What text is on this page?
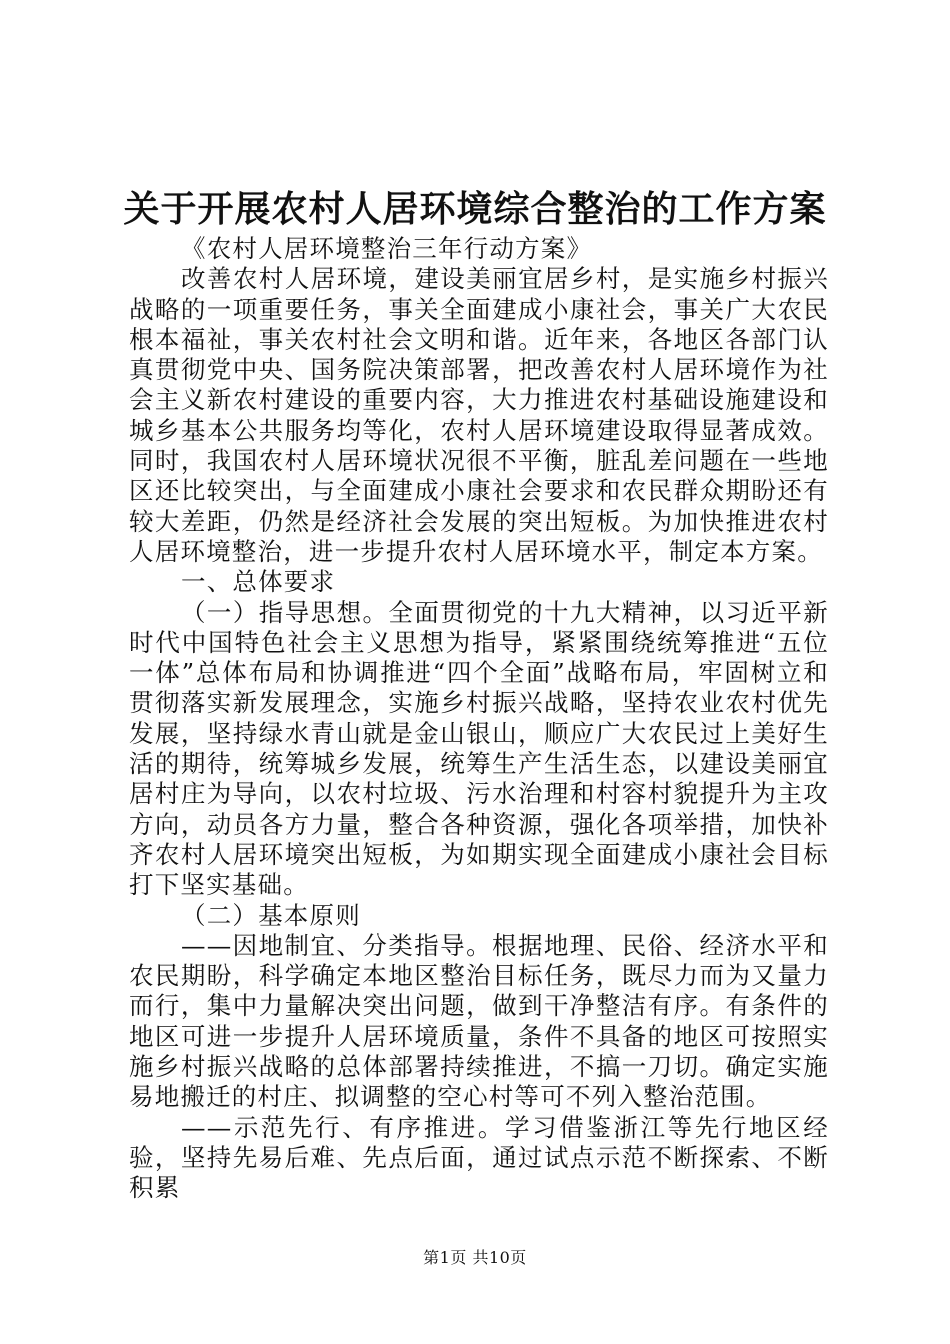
关于开展农村人居环境综合整治的工作方案

《农村人居环境整治三年行动方案》

改善农村人居环境，建设美丽宜居乡村，是实施乡村振兴战略的一项重要任务，事关全面建成小康社会，事关广大农民根本福祉，事关农村社会文明和谐。近年来，各地区各部门认真贯彻党中央、国务院决策部署，把改善农村人居环境作为社会主义新农村建设的重要内容，大力推进农村基础设施建设和城乡基本公共服务均等化，农村人居环境建设取得显著成效。同时，我国农村人居环境状况很不平衡，脏乱差问题在一些地区还比较突出，与全面建成小康社会要求和农民群众期盼还有较大差距，仍然是经济社会发展的突出短板。为加快推进农村人居环境整治，进一步提升农村人居环境水平，制定本方案。

一、总体要求

（一）指导思想。全面贯彻党的十九大精神，以习近平新时代中国特色社会主义思想为指导，紧紧围绕统筹推进“五位一体”总体布局和协调推进“四个全面”战略布局，牢固树立和贯彻落实新发展理念，实施乡村振兴战略，坚持农业农村优先发展，坚持绿水青山就是金山银山，顺应广大农民过上美好生活的期待，统筹城乡发展，统筹生产生活生态，以建设美丽宜居村庄为导向，以农村垃圾、污水治理和村容村貌提升为主攻方向，动员各方力量，整合各种资源，强化各项举措，加快补齐农村人居环境突出短板，为如期实现全面建成小康社会目标打下坚实基础。

（二）基本原则

——因地制宜、分类指导。根据地理、民俗、经济水平和农民期盼，科学确定本地区整治目标任务，既尽力而为又量力而行，集中力量解决突出问题，做到干净整洁有序。有条件的地区可进一步提升人居环境质量，条件不具备的地区可按照实施乡村振兴战略的总体部署持续推进，不搞一刀切。确定实施易地搬迁的村庄、拟调整的空心村等可不列入整治范围。

——示范先行、有序推进。学习借鉴浙江等先行地区经验，坚持先易后难、先点后面，通过试点示范不断探索、不断积累

第1页 共10页
